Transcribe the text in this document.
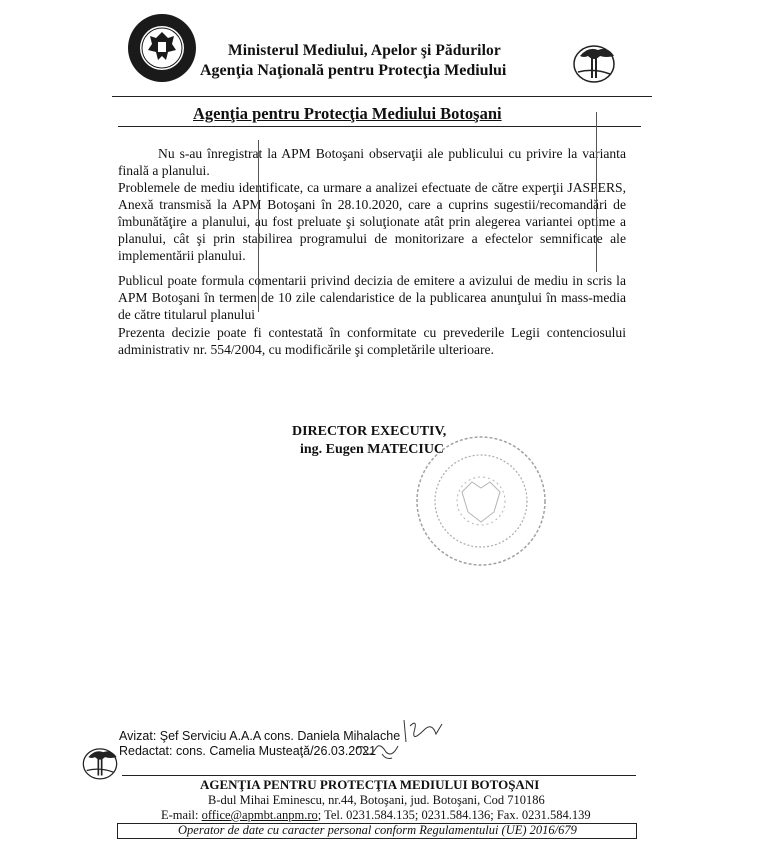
Ministerul Mediului, Apelor şi Pădurilor
Agenţia Naţională pentru Protecţia Mediului
Agenţia pentru Protecţia Mediului Botoşani
Nu s-au înregistrat la APM Botoşani observaţii ale publicului cu privire la varianta finală a planului.
Problemele de mediu identificate, ca urmare a analizei efectuate de către experţii JASPERS, Anexă transmisă la APM Botoşani în 28.10.2020, care a cuprins sugestii/recomandări de îmbunătăţire a planului, au fost preluate şi soluţionate atât prin alegerea variantei optime a planului, cât şi prin stabilirea programului de monitorizare a efectelor semnificate ale implementării planului.
Publicul poate formula comentarii privind decizia de emitere a avizului de mediu in scris la APM Botoşani în termen de 10 zile calendaristice de la publicarea anunţului în mass-media de către titularul planului
Prezenta decizie poate fi contestată în conformitate cu prevederile Legii contenciosului administrativ nr. 554/2004, cu modificările şi completările ulterioare.
DIRECTOR EXECUTIV,
ing. Eugen MATECIUC
Avizat: Şef Serviciu A.A.A cons. Daniela Mihalache
Redactat: cons. Camelia Musteaţă/26.03.2021
AGENŢIA PENTRU PROTECŢIA MEDIULUI BOTOŞANI
B-dul Mihai Eminescu, nr.44, Botoşani, jud. Botoşani, Cod 710186
E-mail: office@apmbt.anpm.ro; Tel. 0231.584.135; 0231.584.136; Fax. 0231.584.139
Operator de date cu caracter personal conform Regulamentului (UE) 2016/679
